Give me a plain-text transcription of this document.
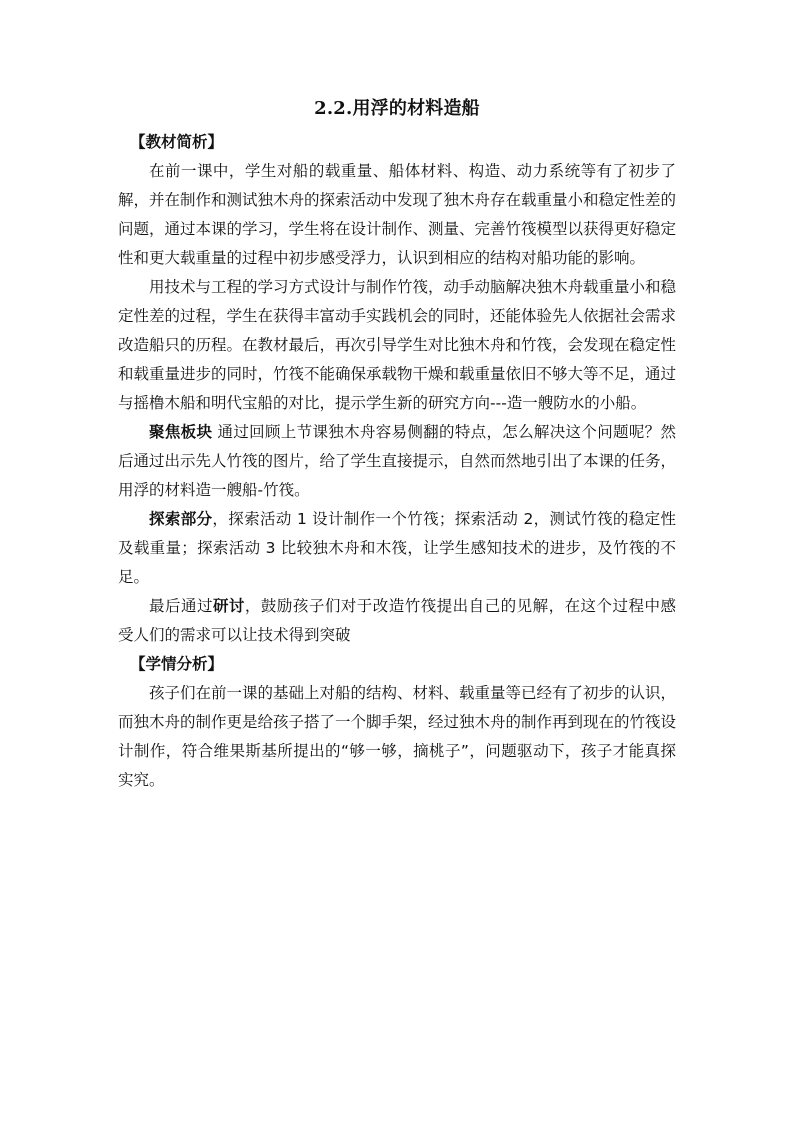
2.2.用浮的材料造船
【教材简析】

在前一课中，学生对船的载重量、船体材料、构造、动力系统等有了初步了解，并在制作和测试独木舟的探索活动中发现了独木舟存在载重量小和稳定性差的问题，通过本课的学习，学生将在设计制作、测量、完善竹筏模型以获得更好稳定性和更大载重量的过程中初步感受浮力，认识到相应的结构对船功能的影响。

用技术与工程的学习方式设计与制作竹筏，动手动脑解决独木舟载重量小和稳定性差的过程，学生在获得丰富动手实践机会的同时，还能体验先人依据社会需求改造船只的历程。在教材最后，再次引导学生对比独木舟和竹筏，会发现在稳定性和载重量进步的同时，竹筏不能确保承载物干燥和载重量依旧不够大等不足，通过与摇橹木船和明代宝船的对比，提示学生新的研究方向---造一艘防水的小船。

聚焦板块 通过回顾上节课独木舟容易侧翻的特点，怎么解决这个问题呢？然后通过出示先人竹筏的图片，给了学生直接提示，自然而然地引出了本课的任务，用浮的材料造一艘船-竹筏。

探索部分，探索活动 1 设计制作一个竹筏；探索活动 2，测试竹筏的稳定性及载重量；探索活动 3 比较独木舟和木筏，让学生感知技术的进步，及竹筏的不足。

最后通过研讨，鼓励孩子们对于改造竹筏提出自己的见解，在这个过程中感受人们的需求可以让技术得到突破

【学情分析】

孩子们在前一课的基础上对船的结构、材料、载重量等已经有了初步的认识，而独木舟的制作更是给孩子搭了一个脚手架，经过独木舟的制作再到现在的竹筏设计制作，符合维果斯基所提出的“够一够，摘桃子”，问题驱动下，孩子才能真探实究。
